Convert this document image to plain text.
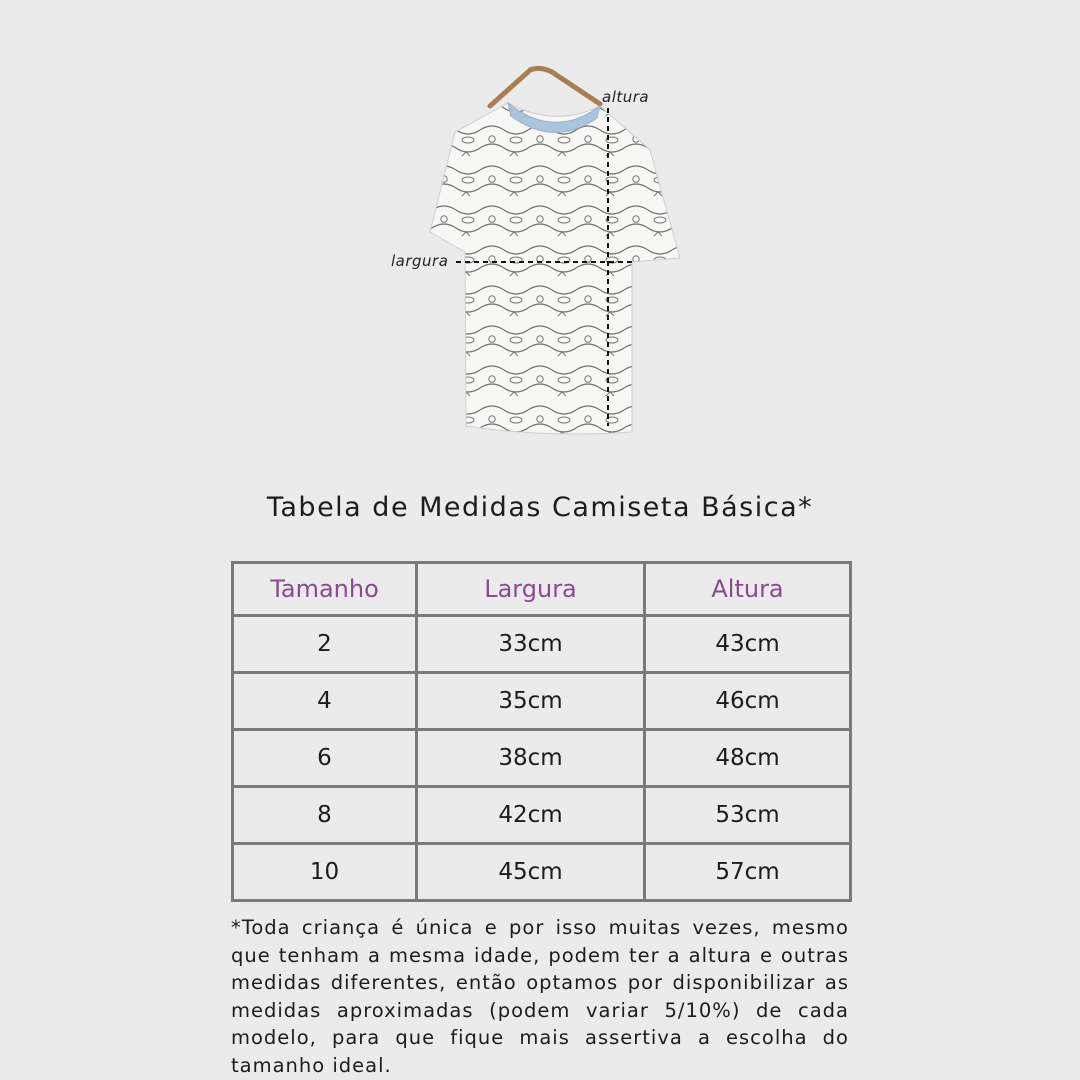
altura
largura
Tabela de Medidas Camiseta Básica*
Tamanho	Largura	Altura
2	33cm	43cm
4	35cm	46cm
6	38cm	48cm
8	42cm	53cm
10	45cm	57cm

*Toda criança é única e por isso muitas vezes, mesmo que tenham a mesma idade, podem ter a altura e outras medidas diferentes, então optamos por disponibilizar as medidas aproximadas (podem variar 5/10%) de cada modelo, para que fique mais assertiva a escolha do tamanho ideal.
